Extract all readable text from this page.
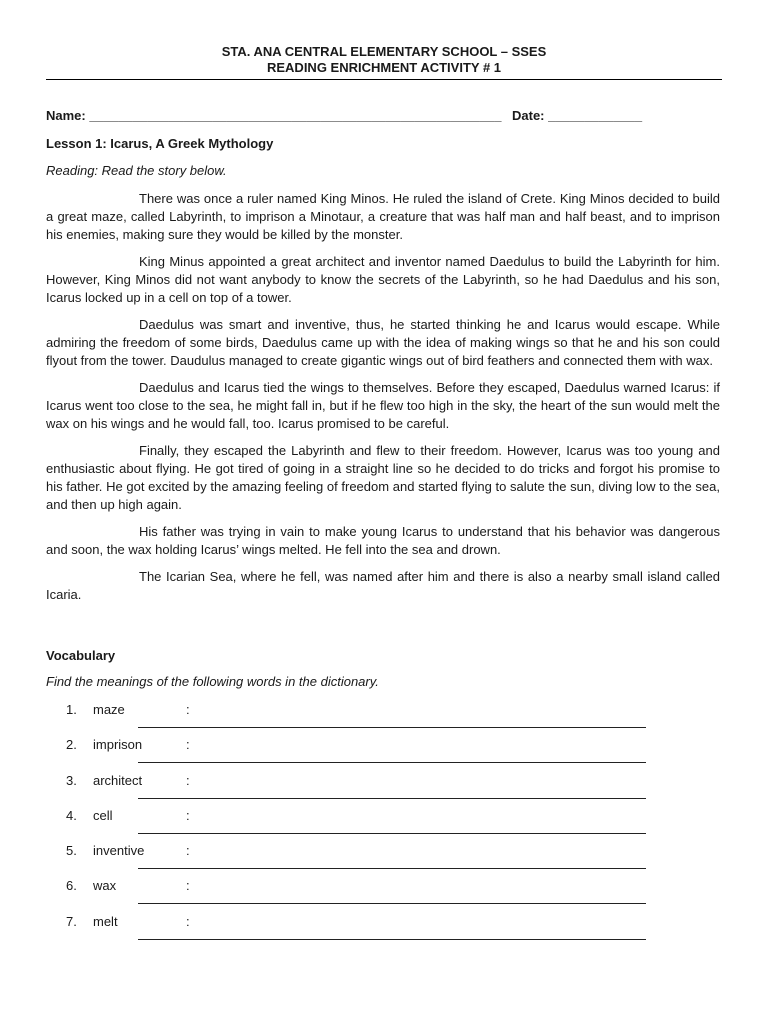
STA. ANA CENTRAL ELEMENTARY SCHOOL – SSES
READING ENRICHMENT ACTIVITY # 1
Name: _________________________________________________________ Date: _____________
Lesson 1: Icarus, A Greek Mythology
Reading: Read the story below.

There was once a ruler named King Minos. He ruled the island of Crete. King Minos decided to build a great maze, called Labyrinth, to imprison a Minotaur, a creature that was half man and half beast, and to imprison his enemies, making sure they would be killed by the monster.

King Minus appointed a great architect and inventor named Daedulus to build the Labyrinth for him. However, King Minos did not want anybody to know the secrets of the Labyrinth, so he had Daedulus and his son, Icarus locked up in a cell on top of a tower.

Daedulus was smart and inventive, thus, he started thinking he and Icarus would escape. While admiring the freedom of some birds, Daedulus came up with the idea of making wings so that he and his son could flyout from the tower. Daudulus managed to create gigantic wings out of bird feathers and connected them with wax.

Daedulus and Icarus tied the wings to themselves. Before they escaped, Daedulus warned Icarus: if Icarus went too close to the sea, he might fall in, but if he flew too high in the sky, the heart of the sun would melt the wax on his wings and he would fall, too. Icarus promised to be careful.

Finally, they escaped the Labyrinth and flew to their freedom. However, Icarus was too young and enthusiastic about flying. He got tired of going in a straight line so he decided to do tricks and forgot his promise to his father. He got excited by the amazing feeling of freedom and started flying to salute the sun, diving low to the sea, and then up high again.

His father was trying in vain to make young Icarus to understand that his behavior was dangerous and soon, the wax holding Icarus’ wings melted. He fell into the sea and drown.

The Icarian Sea, where he fell, was named after him and there is also a nearby small island called Icaria.

Vocabulary
Find the meanings of the following words in the dictionary.
1. maze	:
2. imprison	:
3. architect	:
4. cell	:
5. inventive	:
6. wax	:
7. melt	:
